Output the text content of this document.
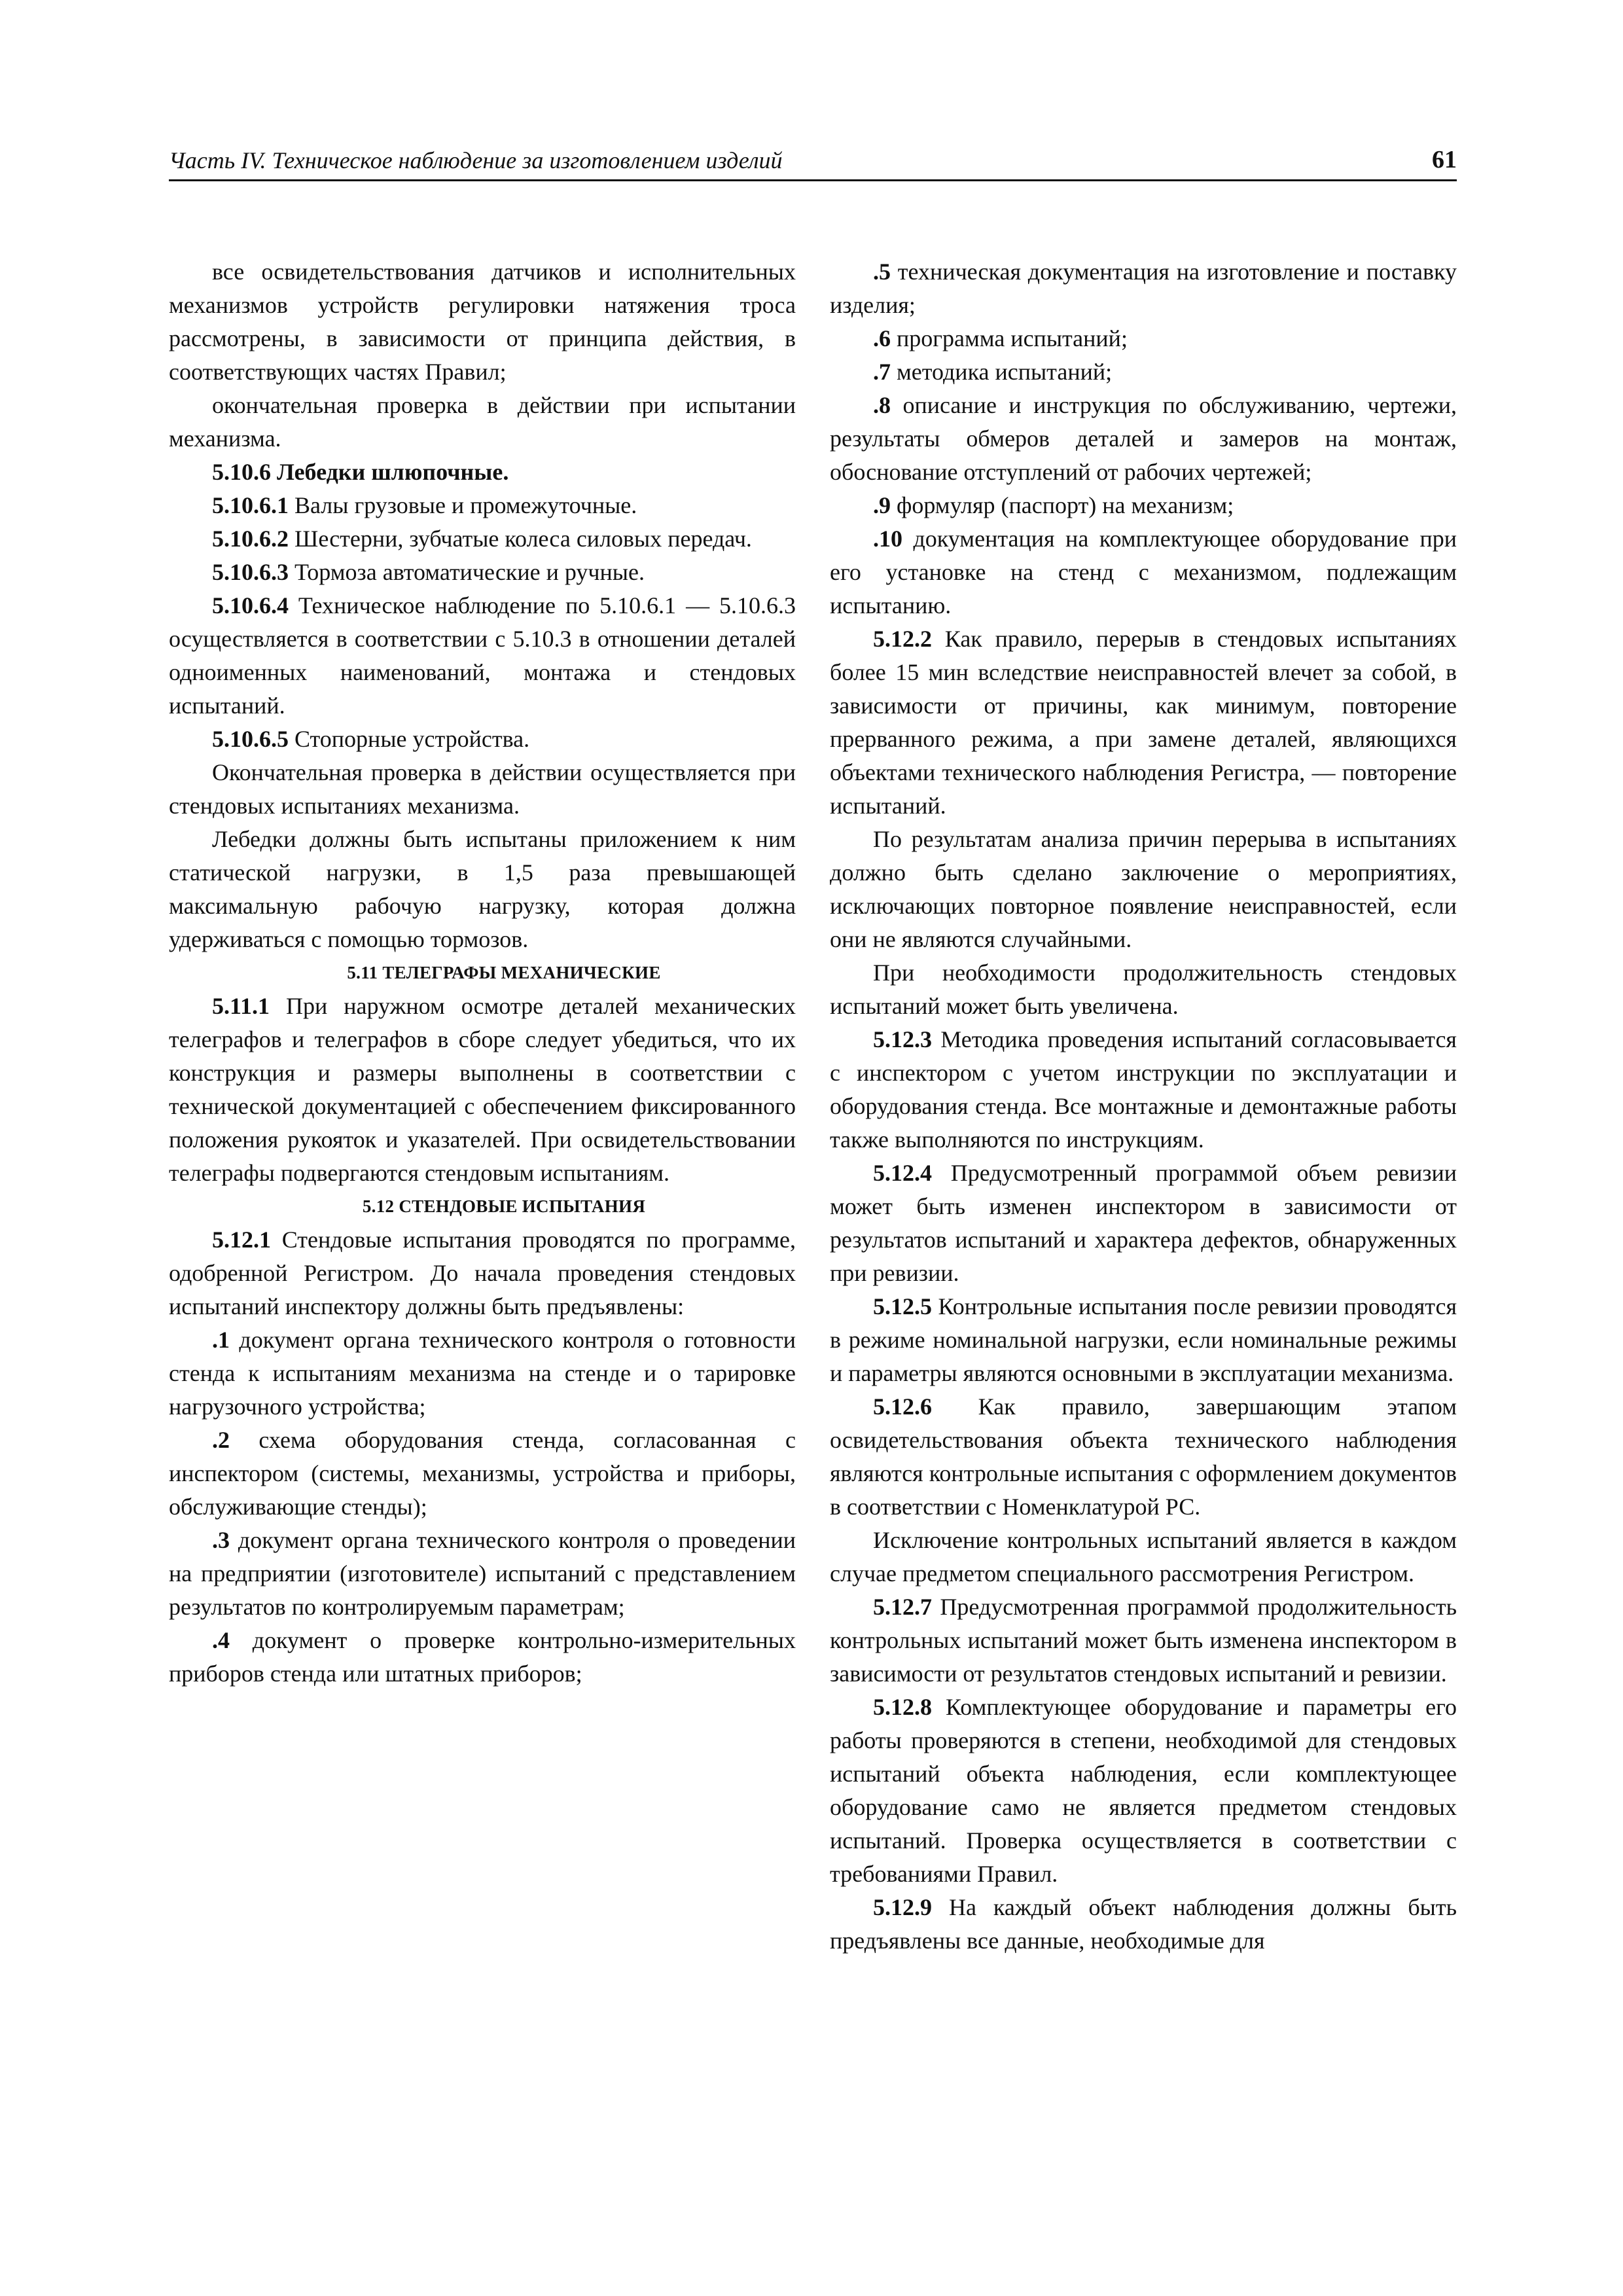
Часть IV. Техническое наблюдение за изготовлением изделий	61

все освидетельствования датчиков и исполнительных механизмов устройств регулировки натяжения троса рассмотрены, в зависимости от принципа действия, в соответствующих частях Правил;

окончательная проверка в действии при испытании механизма.

5.10.6 Лебедки шлюпочные.

5.10.6.1 Валы грузовые и промежуточные.

5.10.6.2 Шестерни, зубчатые колеса силовых передач.

5.10.6.3 Тормоза автоматические и ручные.

5.10.6.4 Техническое наблюдение по 5.10.6.1 — 5.10.6.3 осуществляется в соответствии с 5.10.3 в отношении деталей одноименных наименований, монтажа и стендовых испытаний.

5.10.6.5 Стопорные устройства.

Окончательная проверка в действии осуществляется при стендовых испытаниях механизма.

Лебедки должны быть испытаны приложением к ним статической нагрузки, в 1,5 раза превышающей максимальную рабочую нагрузку, которая должна удерживаться с помощью тормозов.

5.11 ТЕЛЕГРАФЫ МЕХАНИЧЕСКИЕ

5.11.1 При наружном осмотре деталей механических телеграфов и телеграфов в сборе следует убедиться, что их конструкция и размеры выполнены в соответствии с технической документацией с обеспечением фиксированного положения рукояток и указателей. При освидетельствовании телеграфы подвергаются стендовым испытаниям.

5.12 СТЕНДОВЫЕ ИСПЫТАНИЯ

5.12.1 Стендовые испытания проводятся по программе, одобренной Регистром. До начала проведения стендовых испытаний инспектору должны быть предъявлены:

.1 документ органа технического контроля о готовности стенда к испытаниям механизма на стенде и о тарировке нагрузочного устройства;

.2 схема оборудования стенда, согласованная с инспектором (системы, механизмы, устройства и приборы, обслуживающие стенды);

.3 документ органа технического контроля о проведении на предприятии (изготовителе) испытаний с представлением результатов по контролируемым параметрам;

.4 документ о проверке контрольно-измерительных приборов стенда или штатных приборов;

.5 техническая документация на изготовление и поставку изделия;

.6 программа испытаний;

.7 методика испытаний;

.8 описание и инструкция по обслуживанию, чертежи, результаты обмеров деталей и замеров на монтаж, обоснование отступлений от рабочих чертежей;

.9 формуляр (паспорт) на механизм;

.10 документация на комплектующее оборудование при его установке на стенд с механизмом, подлежащим испытанию.

5.12.2 Как правило, перерыв в стендовых испытаниях более 15 мин вследствие неисправностей влечет за собой, в зависимости от причины, как минимум, повторение прерванного режима, а при замене деталей, являющихся объектами технического наблюдения Регистра, — повторение испытаний.

По результатам анализа причин перерыва в испытаниях должно быть сделано заключение о мероприятиях, исключающих повторное появление неисправностей, если они не являются случайными.

При необходимости продолжительность стендовых испытаний может быть увеличена.

5.12.3 Методика проведения испытаний согласовывается с инспектором с учетом инструкции по эксплуатации и оборудования стенда. Все монтажные и демонтажные работы также выполняются по инструкциям.

5.12.4 Предусмотренный программой объем ревизии может быть изменен инспектором в зависимости от результатов испытаний и характера дефектов, обнаруженных при ревизии.

5.12.5 Контрольные испытания после ревизии проводятся в режиме номинальной нагрузки, если номинальные режимы и параметры являются основными в эксплуатации механизма.

5.12.6 Как правило, завершающим этапом освидетельствования объекта технического наблюдения являются контрольные испытания с оформлением документов в соответствии с Номенклатурой РС.

Исключение контрольных испытаний является в каждом случае предметом специального рассмотрения Регистром.

5.12.7 Предусмотренная программой продолжительность контрольных испытаний может быть изменена инспектором в зависимости от результатов стендовых испытаний и ревизии.

5.12.8 Комплектующее оборудование и параметры его работы проверяются в степени, необходимой для стендовых испытаний объекта наблюдения, если комплектующее оборудование само не является предметом стендовых испытаний. Проверка осуществляется в соответствии с требованиями Правил.

5.12.9 На каждый объект наблюдения должны быть предъявлены все данные, необходимые для
